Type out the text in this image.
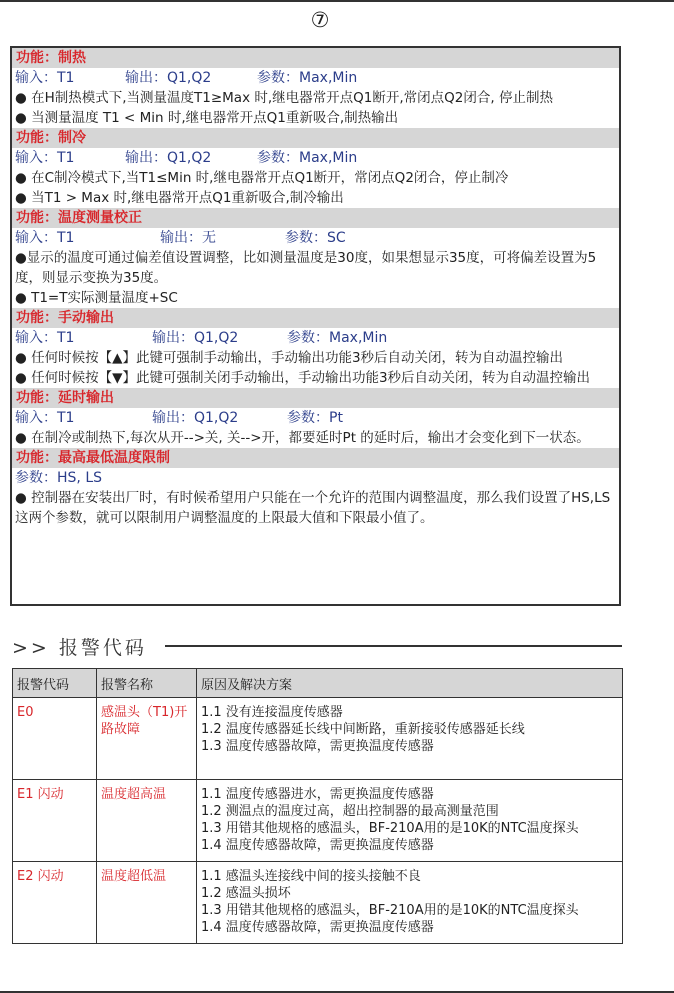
⑦
功能：制热
输入：T1	输出：Q1,Q2	参数：Max,Min
● 在H制热模式下,当测量温度T1≥Max 时,继电器常开点Q1断开,常闭点Q2闭合, 停止制热
● 当测量温度 T1 < Min 时,继电器常开点Q1重新吸合,制热输出
功能：制冷
输入：T1	输出：Q1,Q2	参数：Max,Min
● 在C制冷模式下,当T1≤Min 时,继电器常开点Q1断开，常闭点Q2闭合，停止制冷
● 当T1 > Max 时,继电器常开点Q1重新吸合,制冷输出
功能：温度测量校正
输入：T1	输出：无	参数：SC
●显示的温度可通过偏差值设置调整，比如测量温度是30度，如果想显示35度，可将偏差设置为5度，则显示变换为35度。
● T1=T实际测量温度+SC
功能：手动输出
输入：T1	输出：Q1,Q2	参数：Max,Min
● 任何时候按【▲】此键可强制手动输出，手动输出功能3秒后自动关闭，转为自动温控输出
● 任何时候按【▼】此键可强制关闭手动输出，手动输出功能3秒后自动关闭，转为自动温控输出
功能：延时输出
输入：T1	输出：Q1,Q2	参数：Pt
● 在制冷或制热下,每次从开-->关, 关-->开，都要延时Pt 的延时后，输出才会变化到下一状态。
功能：最高最低温度限制
参数：HS, LS
● 控制器在安装出厂时，有时候希望用户只能在一个允许的范围内调整温度，那么我们设置了HS,LS这两个参数，就可以限制用户调整温度的上限最大值和下限最小值了。
>> 报警代码
报警代码	报警名称	原因及解决方案
E0	感温头（T1)开路故障	1.1 没有连接温度传感器
1.2 温度传感器延长线中间断路，重新接驳传感器延长线
1.3 温度传感器故障，需更换温度传感器

E1 闪动	温度超高温	1.1 温度传感器进水，需更换温度传感器
1.2 测温点的温度过高，超出控制器的最高测量范围
1.3 用错其他规格的感温头，BF-210A用的是10K的NTC温度探头
1.4 温度传感器故障，需更换温度传感器

E2 闪动	温度超低温	1.1 感温头连接线中间的接头接触不良
1.2 感温头损坏
1.3 用错其他规格的感温头，BF-210A用的是10K的NTC温度探头
1.4 温度传感器故障，需更换温度传感器
